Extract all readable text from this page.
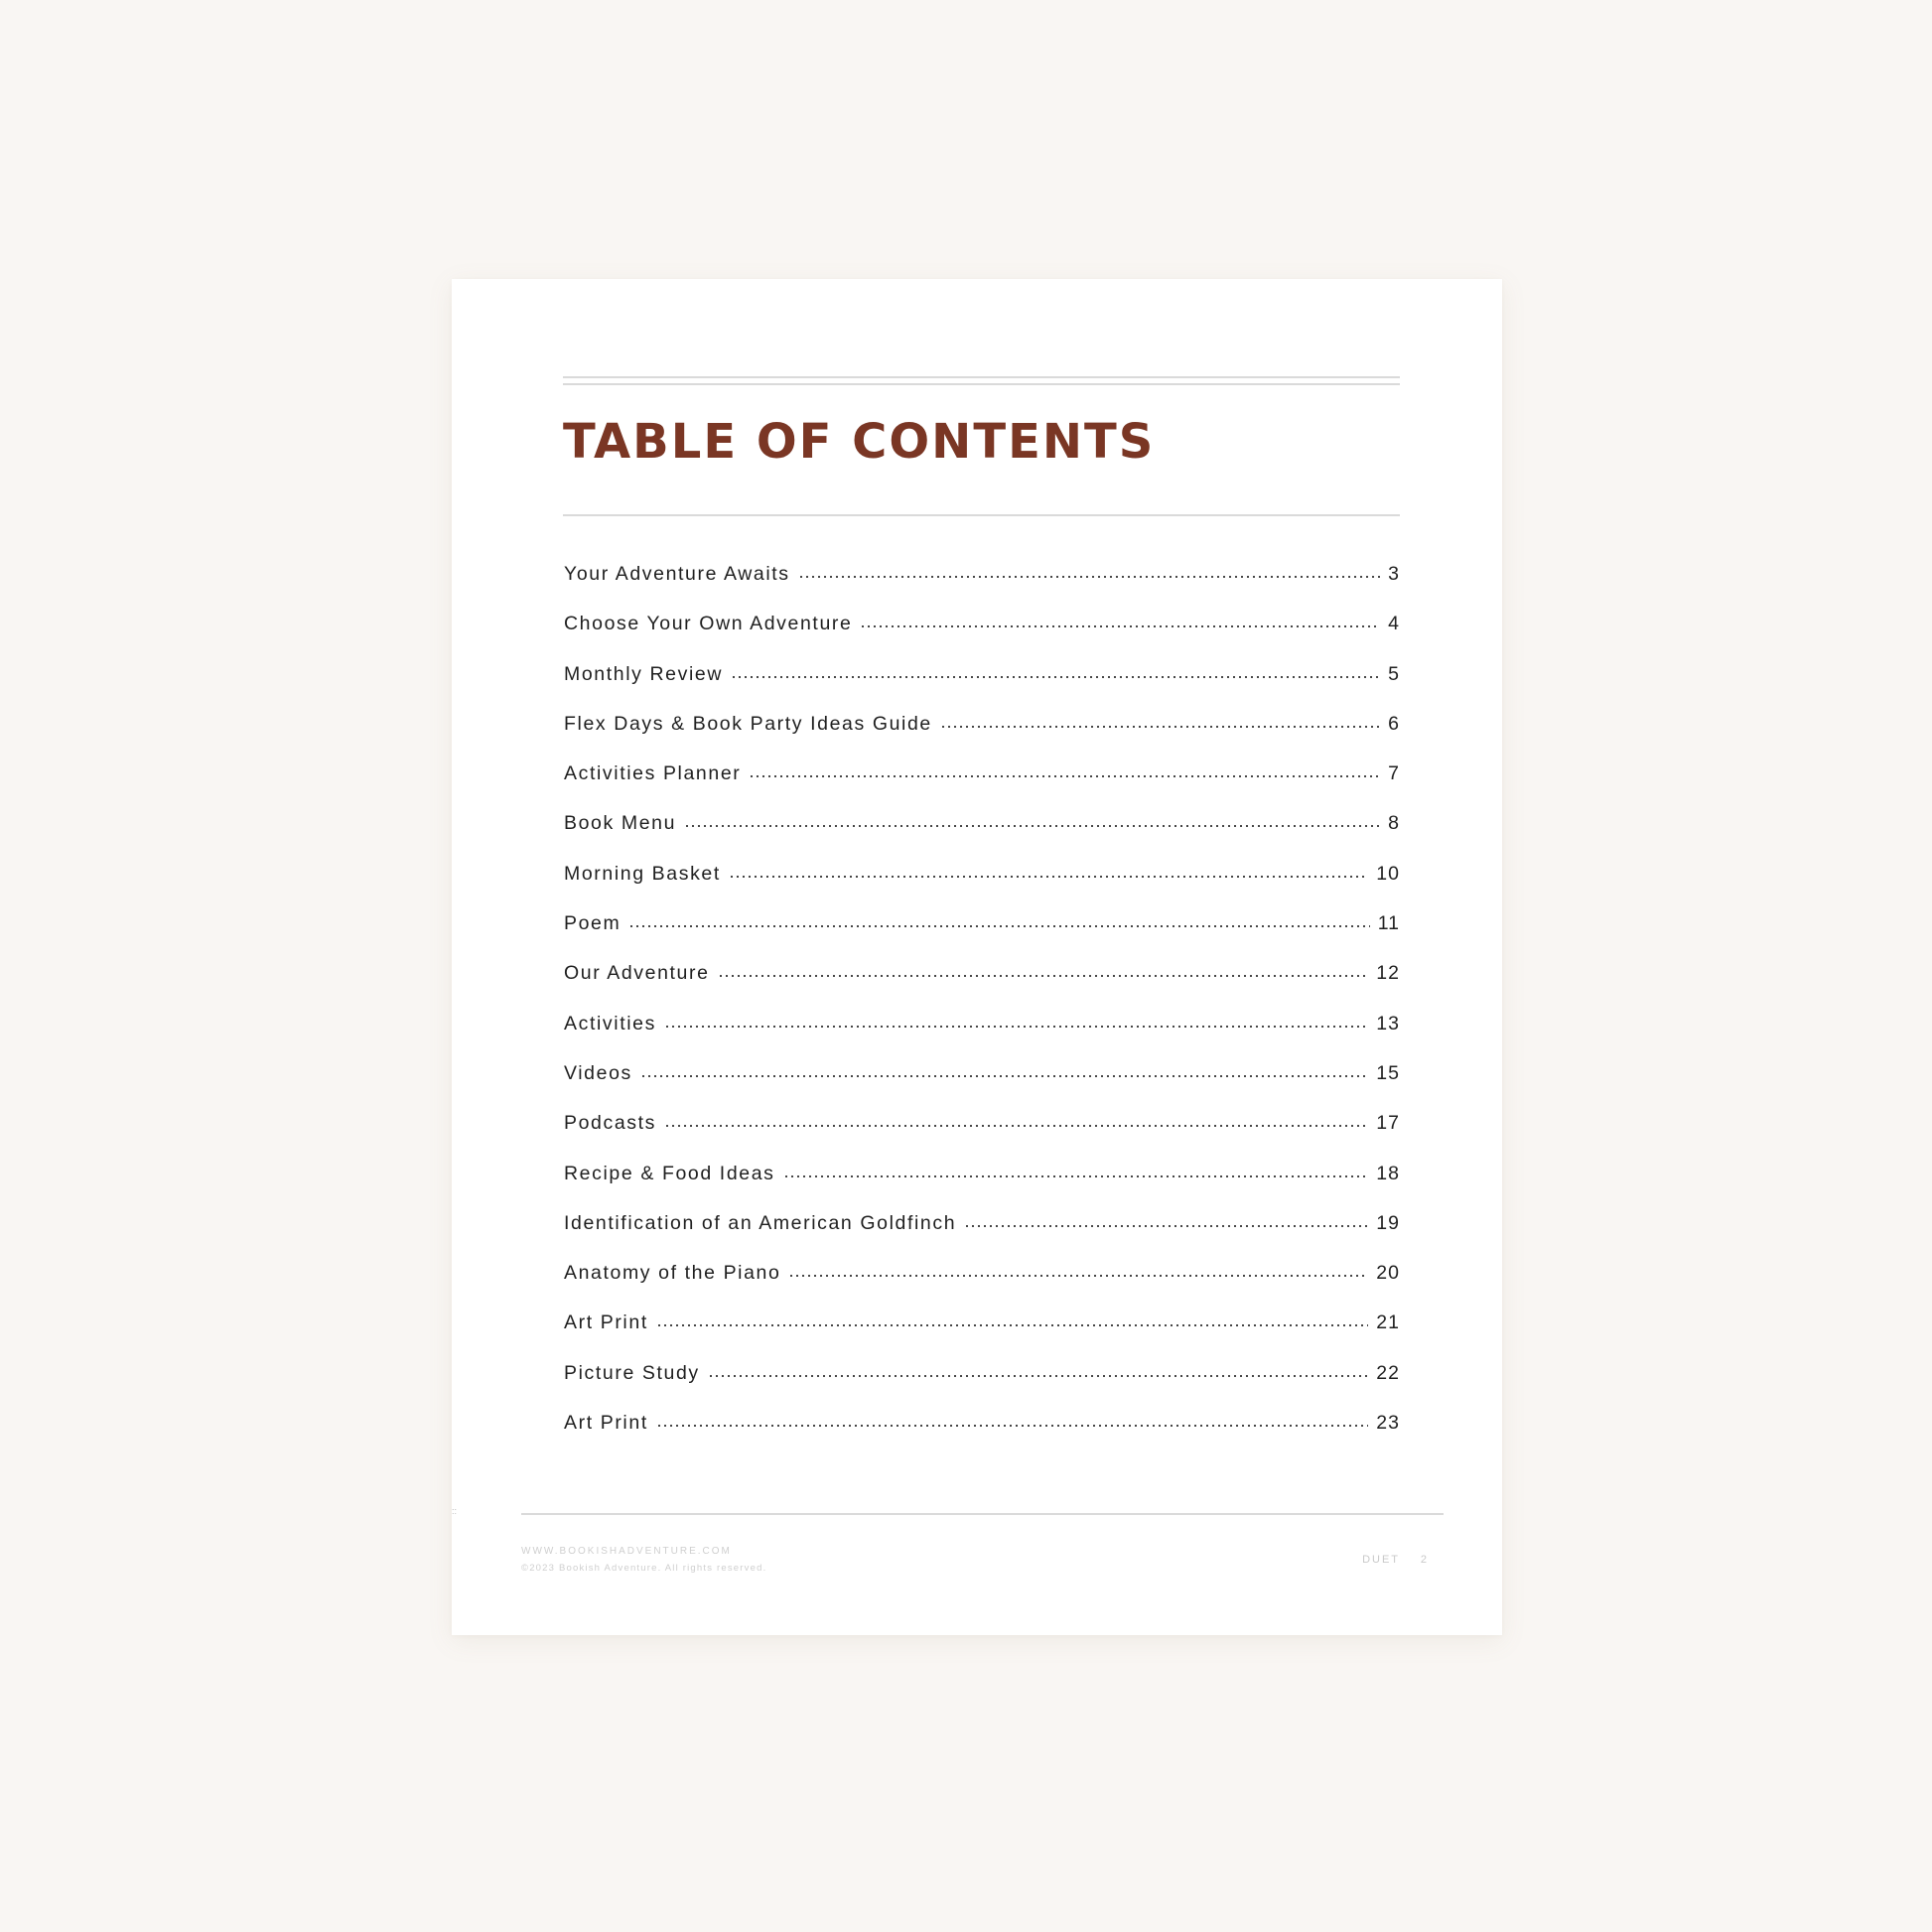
TABLE OF CONTENTS
Your Adventure Awaits	3
Choose Your Own Adventure	4
Monthly Review	5
Flex Days & Book Party Ideas Guide	6
Activities Planner	7
Book Menu	8
Morning Basket	10
Poem	11
Our Adventure	12
Activities	13
Videos	15
Podcasts	17
Recipe & Food Ideas	18
Identification of an American Goldfinch	19
Anatomy of the Piano	20
Art Print	21
Picture Study	22
Art Print	23
::
WWW.BOOKISHADVENTURE.COM
©2023 Bookish Adventure. All rights reserved.
DUET 2
